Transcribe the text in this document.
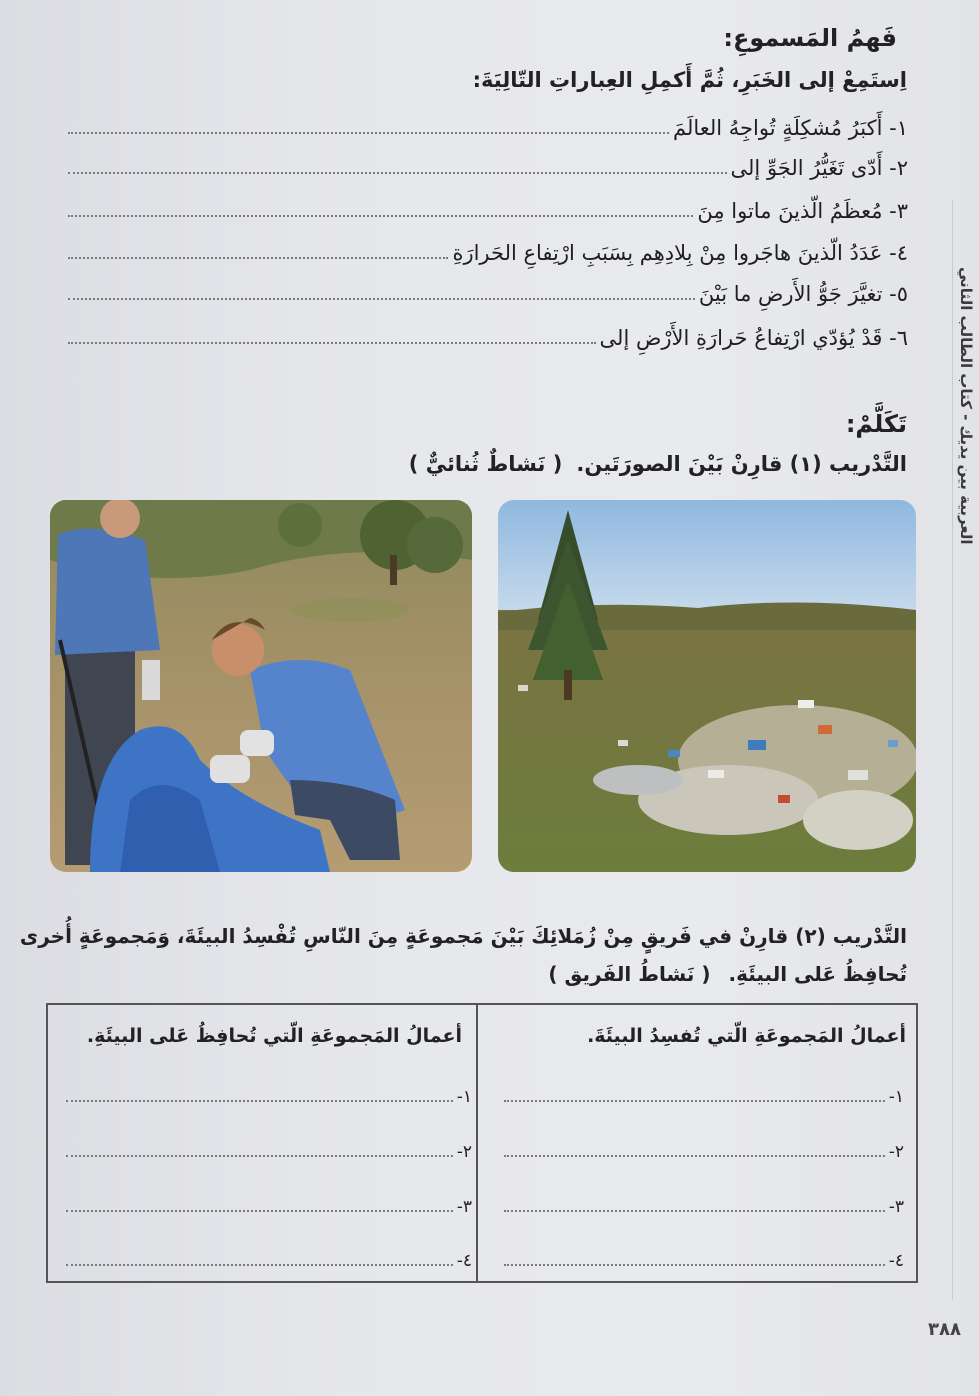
العربية بين يديك - كتاب الطالب الثاني
فَهمُ المَسموعِ:
اِستَمِعْ إلى الخَبَرِ، ثُمَّ أَكمِلِ العِباراتِ التّالِيَةَ:
١- أَكبَرُ مُشكِلَةٍ تُواجِهُ العالَمَ
٢- أَدّى تَغَيُّرُ الجَوِّ إلى
٣- مُعظَمُ الّذينَ ماتوا مِنَ
٤- عَدَدُ الّذينَ هاجَروا مِنْ بِلادِهِم بِسَبَبِ ارْتِفاعِ الحَرارَةِ
٥- تغيَّرَ جَوُّ الأَرضِ ما بَيْنَ
٦- قَدْ يُؤدّي ارْتِفاعُ حَرارَةِ الأَرْضِ إلى
تَكَلَّمْ:
التَّدْريب (١) قارِنْ بَيْنَ الصورَتَين.
( نَشاطٌ ثُنائيٌّ )
التَّدْريب (٢) قارِنْ في فَريقٍ مِنْ زُمَلائِكَ بَيْنَ مَجموعَةٍ مِنَ النّاسِ تُفْسِدُ البيئَةَ، وَمَجموعَةٍ أُخرى
تُحافِظُ عَلى البيئَةِ.
( نَشاطُ الفَريق )
أعمالُ المَجموعَةِ الّتي تُفسِدُ البيئَةَ.
أعمالُ المَجموعَةِ الّتي تُحافِظُ عَلى البيئَةِ.
١-
٢-
٣-
٤-
١-
٢-
٣-
٤-
٣٨٨
